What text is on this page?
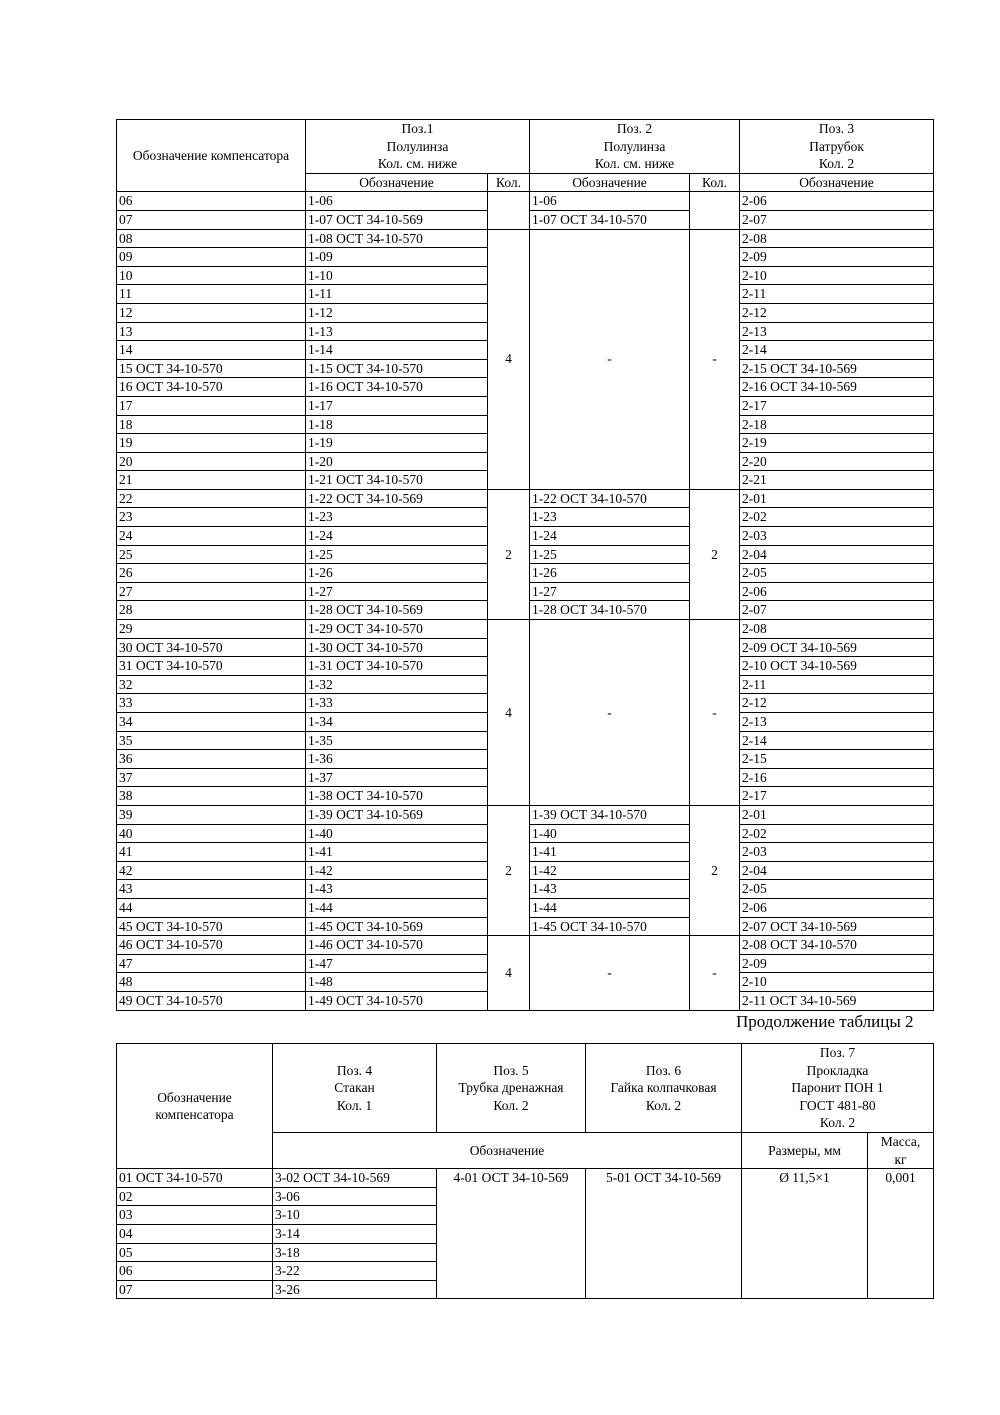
Обозначение компенсатора	Поз.1
Полулинза
Кол. см. ниже		Поз. 2
Полулинза
Кол. см. ниже		Поз. 3
Патрубок
Кол. 2

	Обозначение	Кол.	Обозначение	Кол.	Обозначение
06	1-06		1-06		2-06
07	1-07 ОСТ 34-10-569		1-07 ОСТ 34-10-570		2-07
08	1-08 ОСТ 34-10-570	4	-	-	2-08
09	1-09				2-09
10	1-10				2-10
11	1-11				2-11
12	1-12				2-12
13	1-13				2-13
14	1-14				2-14
15 ОСТ 34-10-570	1-15 ОСТ 34-10-570				2-15 ОСТ 34-10-569
16 ОСТ 34-10-570	1-16 ОСТ 34-10-570				2-16 ОСТ 34-10-569
17	1-17				2-17
18	1-18				2-18
19	1-19				2-19
20	1-20				2-20
21	1-21 ОСТ 34-10-570				2-21
22	1-22 ОСТ 34-10-569	2	1-22 ОСТ 34-10-570	2	2-01
23	1-23		1-23		2-02
24	1-24		1-24		2-03
25	1-25		1-25		2-04
26	1-26		1-26		2-05
27	1-27		1-27		2-06
28	1-28 ОСТ 34-10-569		1-28 ОСТ 34-10-570		2-07
29	1-29 ОСТ 34-10-570	4	-	-	2-08
30 ОСТ 34-10-570	1-30 ОСТ 34-10-570				2-09 ОСТ 34-10-569
31 ОСТ 34-10-570	1-31 ОСТ 34-10-570				2-10 ОСТ 34-10-569
32	1-32				2-11
33	1-33				2-12
34	1-34				2-13
35	1-35				2-14
36	1-36				2-15
37	1-37				2-16
38	1-38 ОСТ 34-10-570				2-17
39	1-39 ОСТ 34-10-569	2	1-39 ОСТ 34-10-570	2	2-01
40	1-40		1-40		2-02
41	1-41		1-41		2-03
42	1-42		1-42		2-04
43	1-43		1-43		2-05
44	1-44		1-44		2-06
45 ОСТ 34-10-570	1-45 ОСТ 34-10-569		1-45 ОСТ 34-10-570		2-07 ОСТ 34-10-569
46 ОСТ 34-10-570	1-46 ОСТ 34-10-570	4	-	-	2-08 ОСТ 34-10-570
47	1-47				2-09
48	1-48				2-10
49 ОСТ 34-10-570	1-49 ОСТ 34-10-570				2-11 ОСТ 34-10-569
Продолжение таблицы 2
Обозначение
компенсатора	Поз. 4
Стакан
Кол. 1	Поз. 5
Трубка дренажная
Кол. 2	Поз. 6
Гайка колпачковая
Кол. 2	Поз. 7
Прокладка
Паронит ПОН 1
ГОСТ 481-80
Кол. 2	

	Обозначение			Размеры, мм	Масса,
кг

01 ОСТ 34-10-570	3-02 ОСТ 34-10-569	4-01 ОСТ 34-10-569	5-01 ОСТ 34-10-569	Ø 11,5×1	0,001
02	3-06				
03	3-10				
04	3-14				
05	3-18				
06	3-22				
07	3-26				
